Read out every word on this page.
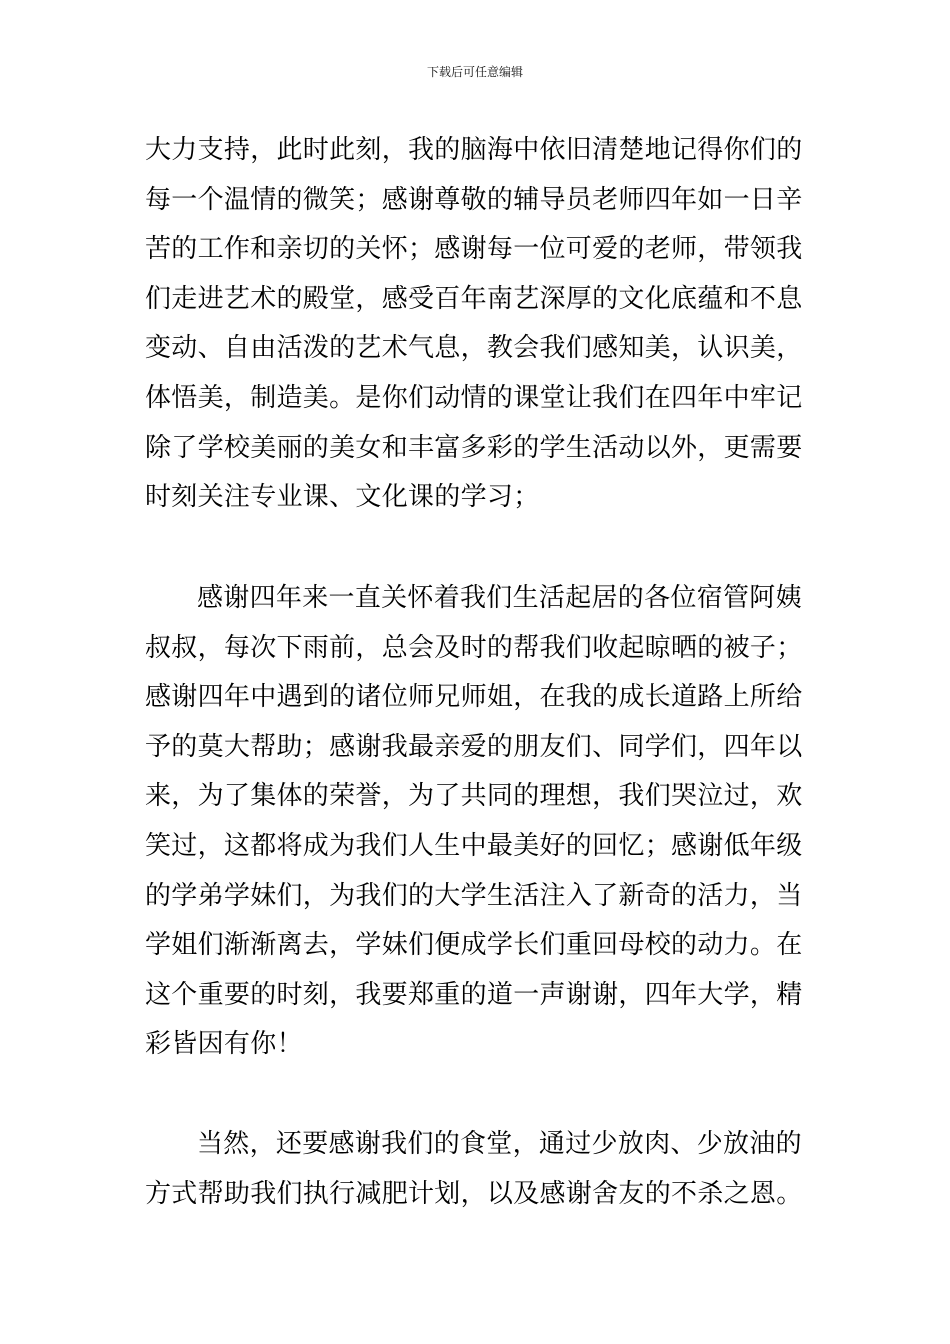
下载后可任意编辑
大力支持，此时此刻，我的脑海中依旧清楚地记得你们的
每一个温情的微笑；感谢尊敬的辅导员老师四年如一日辛
苦的工作和亲切的关怀；感谢每一位可爱的老师，带领我
们走进艺术的殿堂，感受百年南艺深厚的文化底蕴和不息
变动、自由活泼的艺术气息，教会我们感知美，认识美，
体悟美，制造美。是你们动情的课堂让我们在四年中牢记
除了学校美丽的美女和丰富多彩的学生活动以外，更需要
时刻关注专业课、文化课的学习；
感谢四年来一直关怀着我们生活起居的各位宿管阿姨
叔叔，每次下雨前，总会及时的帮我们收起晾晒的被子；
感谢四年中遇到的诸位师兄师姐，在我的成长道路上所给
予的莫大帮助；感谢我最亲爱的朋友们、同学们，四年以
来，为了集体的荣誉，为了共同的理想，我们哭泣过，欢
笑过，这都将成为我们人生中最美好的回忆；感谢低年级
的学弟学妹们，为我们的大学生活注入了新奇的活力，当
学姐们渐渐离去，学妹们便成学长们重回母校的动力。在
这个重要的时刻，我要郑重的道一声谢谢，四年大学，精
彩皆因有你！
当然，还要感谢我们的食堂，通过少放肉、少放油的
方式帮助我们执行减肥计划，以及感谢舍友的不杀之恩。
